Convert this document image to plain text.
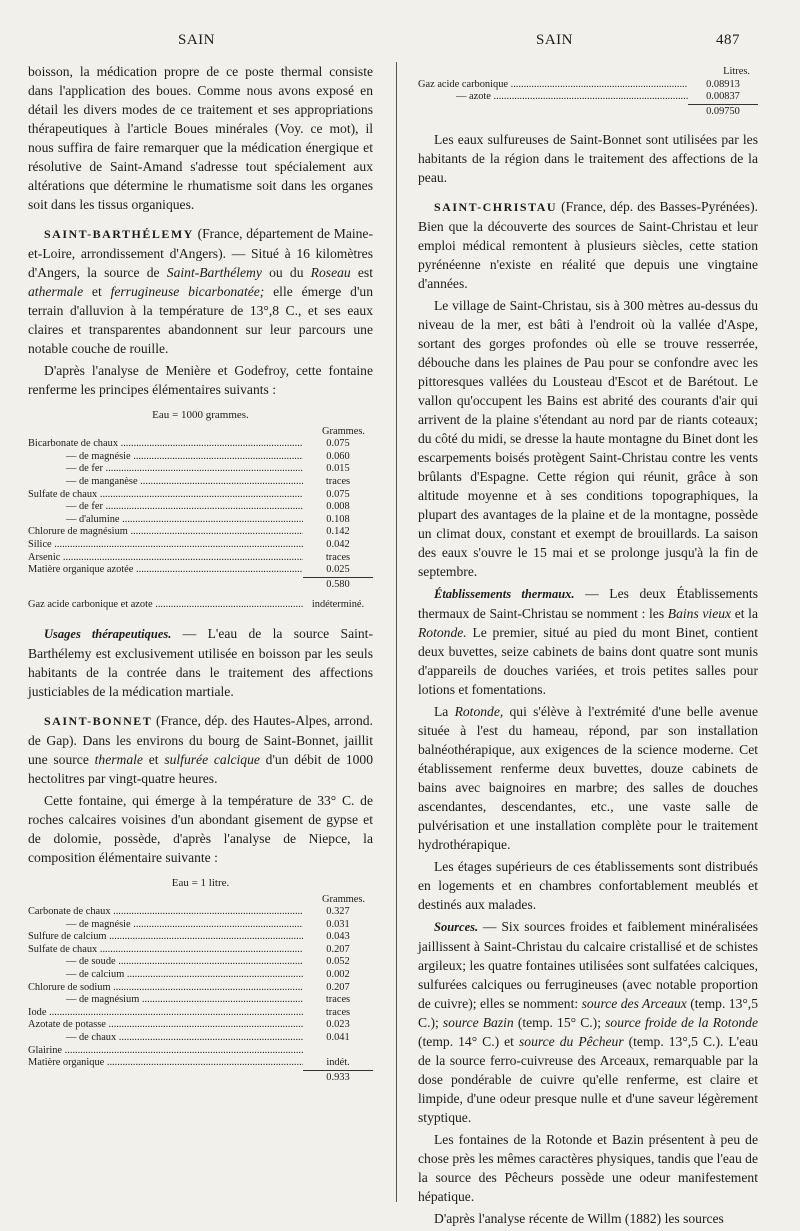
SAIN	SAIN	487

boisson, la médication propre de ce poste thermal consiste dans l'application des boues. Comme nous avons exposé en détail les divers modes de ce traitement et ses appropriations thérapeutiques à l'article Boues minérales (Voy. ce mot), il nous suffira de faire remarquer que la médication énergique et résolutive de Saint-Amand s'adresse tout spécialement aux altérations que détermine le rhumatisme soit dans les organes soit dans les tissus organiques.

SAINT-BARTHÉLEMY (France, département de Maine-et-Loire, arrondissement d'Angers). — Situé à 16 kilomètres d'Angers, la source de Saint-Barthélemy ou du Roseau est athermale et ferrugineuse bicarbonatée; elle émerge d'un terrain d'alluvion à la température de 13°,8 C., et ses eaux claires et transparentes abandonnent sur leur parcours une notable couche de rouille.

D'après l'analyse de Menière et Godefroy, cette fontaine renferme les principes élémentaires suivants :

Eau = 1000 grammes.
Grammes.
Bicarbonate de chaux .....	0.075
— de magnésie .....	0.060
— de fer .....	0.015
— de manganèse .....	traces
Sulfate de chaux .....	0.075
— de fer .....	0.008
— d'alumine .....	0.108
Chlorure de magnésium .....	0.142
Silice .....	0.042
Arsenic .....	traces
Matière organique azotée .....	0.025
0.580
Gaz acide carbonique et azote .....	indéterminé.

Usages thérapeutiques. — L'eau de la source Saint-Barthélemy est exclusivement utilisée en boisson par les seuls habitants de la contrée dans le traitement des affections justiciables de la médication martiale.

SAINT-BONNET (France, dép. des Hautes-Alpes, arrond. de Gap). Dans les environs du bourg de Saint-Bonnet, jaillit une source thermale et sulfurée calcique d'un débit de 1000 hectolitres par vingt-quatre heures.

Cette fontaine, qui émerge à la température de 33° C. de roches calcaires voisines d'un abondant gisement de gypse et de dolomie, possède, d'après l'analyse de Niepce, la composition élémentaire suivante :

Eau = 1 litre.
Grammes.
Carbonate de chaux .....	0.327
— de magnésie .....	0.031
Sulfure de calcium .....	0.043
Sulfate de chaux .....	0.207
— de soude .....	0.052
— de calcium .....	0.002
Chlorure de sodium .....	0.207
— de magnésium .....	traces
Iode .....	traces
Azotate de potasse .....	0.023
— de chaux .....	0.041
Glairine .....
Matière organique .....	indét.
0.933
Litres.
Gaz acide carbonique .....	0.08913
— azote .....	0.00837
0.09750

Les eaux sulfureuses de Saint-Bonnet sont utilisées par les habitants de la région dans le traitement des affections de la peau.

SAINT-CHRISTAU (France, dép. des Basses-Pyrénées). Bien que la découverte des sources de Saint-Christau et leur emploi médical remontent à plusieurs siècles, cette station pyrénéenne n'existe en réalité que depuis une vingtaine d'années.

Le village de Saint-Christau, sis à 300 mètres au-dessus du niveau de la mer, est bâti à l'endroit où la vallée d'Aspe, sortant des gorges profondes où elle se trouve resserrée, débouche dans les plaines de Pau pour se confondre avec les pittoresques vallées du Lousteau d'Escot et de Barétout. Le vallon qu'occupent les Bains est abrité des courants d'air qui arrivent de la plaine s'étendant au nord par de riants coteaux; du côté du midi, se dresse la haute montagne du Binet dont les escarpements boisés protègent Saint-Christau contre les vents brûlants d'Espagne. Cette région qui réunit, grâce à son altitude moyenne et à ses conditions topographiques, la plupart des avantages de la plaine et de la montagne, possède un climat doux, constant et exempt de brouillards. La saison des eaux s'ouvre le 15 mai et se prolonge jusqu'à la fin de septembre.

Établissements thermaux. — Les deux Établissements thermaux de Saint-Christau se nomment : les Bains vieux et la Rotonde. Le premier, situé au pied du mont Binet, contient deux buvettes, seize cabinets de bains dont quatre sont munis d'appareils de douches variées, et trois petites salles pour lotions et fomentations.

La Rotonde, qui s'élève à l'extrémité d'une belle avenue située à l'est du hameau, répond, par son installation balnéothérapique, aux exigences de la science moderne. Cet établissement renferme deux buvettes, douze cabinets de bains avec baignoires en marbre; des salles de douches ascendantes, descendantes, etc., une vaste salle de pulvérisation et une installation complète pour le traitement hydrothérapique.

Les étages supérieurs de ces établissements sont distribués en logements et en chambres confortablement meublés et destinés aux malades.

Sources. — Six sources froides et faiblement minéralisées jaillissent à Saint-Christau du calcaire cristallisé et de schistes argileux; les quatre fontaines utilisées sont sulfatées calciques, sulfurées calciques ou ferrugineuses (avec notable proportion de cuivre); elles se nomment: source des Arceaux (temp. 13°,5 C.); source Bazin (temp. 15° C.); source froide de la Rotonde (temp. 14° C.) et source du Pêcheur (temp. 13°,5 C.). L'eau de la source ferro-cuivreuse des Arceaux, remarquable par la dose pondérable de cuivre qu'elle renferme, est claire et limpide, d'une odeur presque nulle et d'une saveur légèrement styptique.

Les fontaines de la Rotonde et Bazin présentent à peu de chose près les mêmes caractères physiques, tandis que l'eau de la source des Pêcheurs possède une odeur manifestement hépatique.

D'après l'analyse récente de Willm (1882) les sources
